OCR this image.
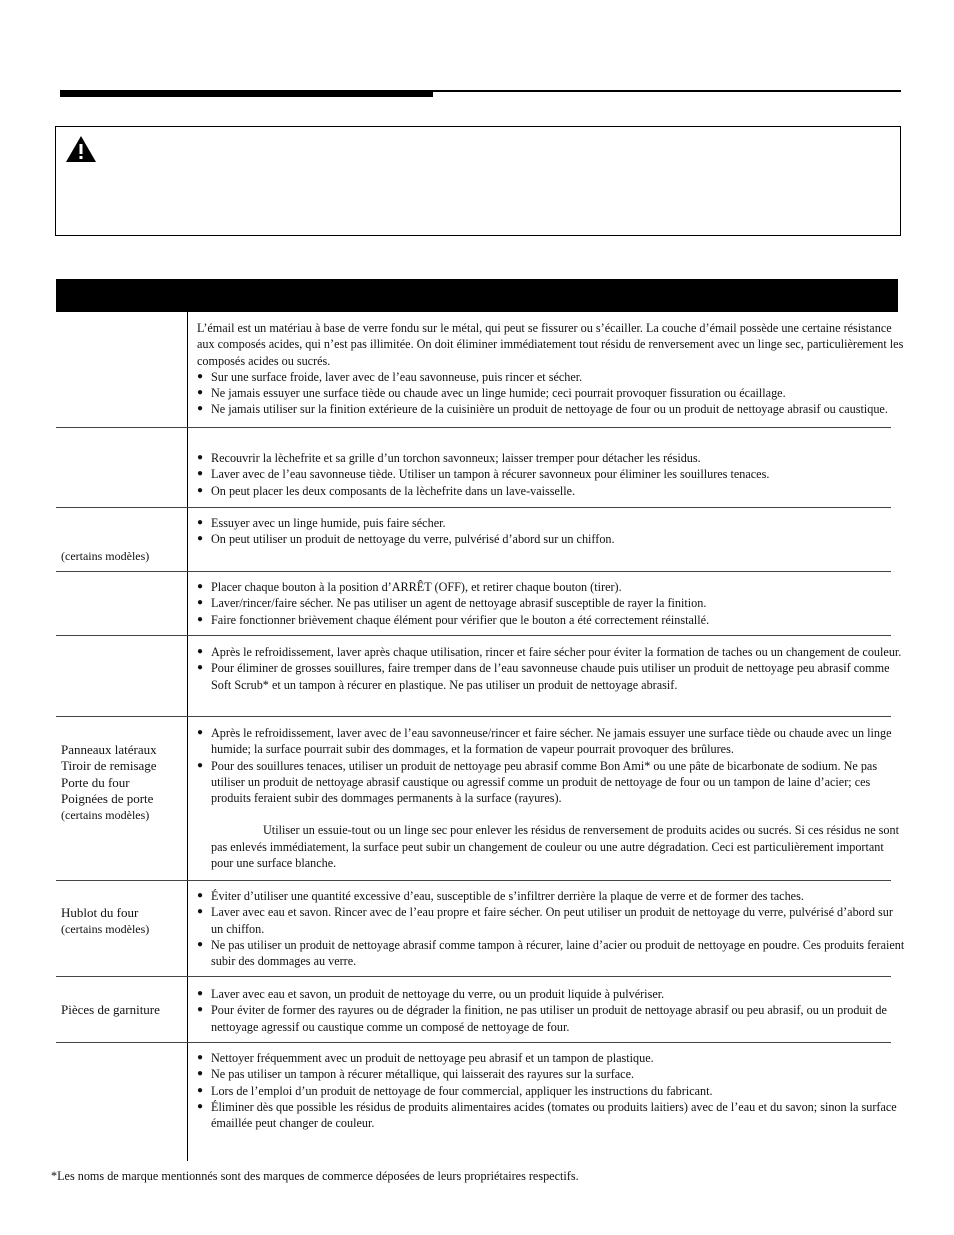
L’émail est un matériau à base de verre fondu sur le métal, qui peut se fissurer ou s’écailler. La couche d’émail possède une certaine résistance aux composés acides, qui n’est pas illimitée. On doit éliminer immédiatement tout résidu de renversement avec un linge sec, particulièrement les composés acides ou sucrés.

● Sur une surface froide, laver avec de l’eau savonneuse, puis rincer et sécher.
● Ne jamais essuyer une surface tiède ou chaude avec un linge humide; ceci pourrait provoquer fissuration ou écaillage.
● Ne jamais utiliser sur la finition extérieure de la cuisinière un produit de nettoyage de four ou un produit de nettoyage abrasif ou caustique.
● Recouvrir la lèchefrite et sa grille d’un torchon savonneux; laisser tremper pour détacher les résidus.
● Laver avec de l’eau savonneuse tiède. Utiliser un tampon à récurer savonneux pour éliminer les souillures tenaces.
● On peut placer les deux composants de la lèchefrite dans un lave-vaisselle.
(certains modèles)
● Essuyer avec un linge humide, puis faire sécher.
● On peut utiliser un produit de nettoyage du verre, pulvérisé d’abord sur un chiffon.
● Placer chaque bouton à la position d’ARRÊT (OFF), et retirer chaque bouton (tirer).
● Laver/rincer/faire sécher. Ne pas utiliser un agent de nettoyage abrasif susceptible de rayer la finition.
● Faire fonctionner brièvement chaque élément pour vérifier que le bouton a été correctement réinstallé.
● Après le refroidissement, laver après chaque utilisation, rincer et faire sécher pour éviter la formation de taches ou un changement de couleur.
● Pour éliminer de grosses souillures, faire tremper dans de l’eau savonneuse chaude puis utiliser un produit de nettoyage peu abrasif comme Soft Scrub* et un tampon à récurer en plastique. Ne pas utiliser un produit de nettoyage abrasif.
Panneaux latéraux
Tiroir de remisage
Porte du four
Poignées de porte
(certains modèles)
● Après le refroidissement, laver avec de l’eau savonneuse/rincer et faire sécher. Ne jamais essuyer une surface tiède ou chaude avec un linge humide; la surface pourrait subir des dommages, et la formation de vapeur pourrait provoquer des brûlures.
● Pour des souillures tenaces, utiliser un produit de nettoyage peu abrasif comme Bon Ami* ou une pâte de bicarbonate de sodium. Ne pas utiliser un produit de nettoyage abrasif caustique ou agressif comme un produit de nettoyage de four ou un tampon de laine d’acier; ces produits feraient subir des dommages permanents à la surface (rayures).

Utiliser un essuie-tout ou un linge sec pour enlever les résidus de renversement de produits acides ou sucrés. Si ces résidus ne sont pas enlevés immédiatement, la surface peut subir un changement de couleur ou une autre dégradation. Ceci est particulièrement important pour une surface blanche.

Hublot du four
(certains modèles)
● Éviter d’utiliser une quantité excessive d’eau, susceptible de s’infiltrer derrière la plaque de verre et de former des taches.
● Laver avec eau et savon. Rincer avec de l’eau propre et faire sécher. On peut utiliser un produit de nettoyage du verre, pulvérisé d’abord sur un chiffon.
● Ne pas utiliser un produit de nettoyage abrasif comme tampon à récurer, laine d’acier ou produit de nettoyage en poudre. Ces produits feraient subir des dommages au verre.
Pièces de garniture
● Laver avec eau et savon, un produit de nettoyage du verre, ou un produit liquide à pulvériser.
● Pour éviter de former des rayures ou de dégrader la finition, ne pas utiliser un produit de nettoyage abrasif ou peu abrasif, ou un produit de nettoyage agressif ou caustique comme un composé de nettoyage de four.
● Nettoyer fréquemment avec un produit de nettoyage peu abrasif et un tampon de plastique.
● Ne pas utiliser un tampon à récurer métallique, qui laisserait des rayures sur la surface.
● Lors de l’emploi d’un produit de nettoyage de four commercial, appliquer les instructions du fabricant.
● Éliminer dès que possible les résidus de produits alimentaires acides (tomates ou produits laitiers) avec de l’eau et du savon; sinon la surface émaillée peut changer de couleur.
*Les noms de marque mentionnés sont des marques de commerce déposées de leurs propriétaires respectifs.
